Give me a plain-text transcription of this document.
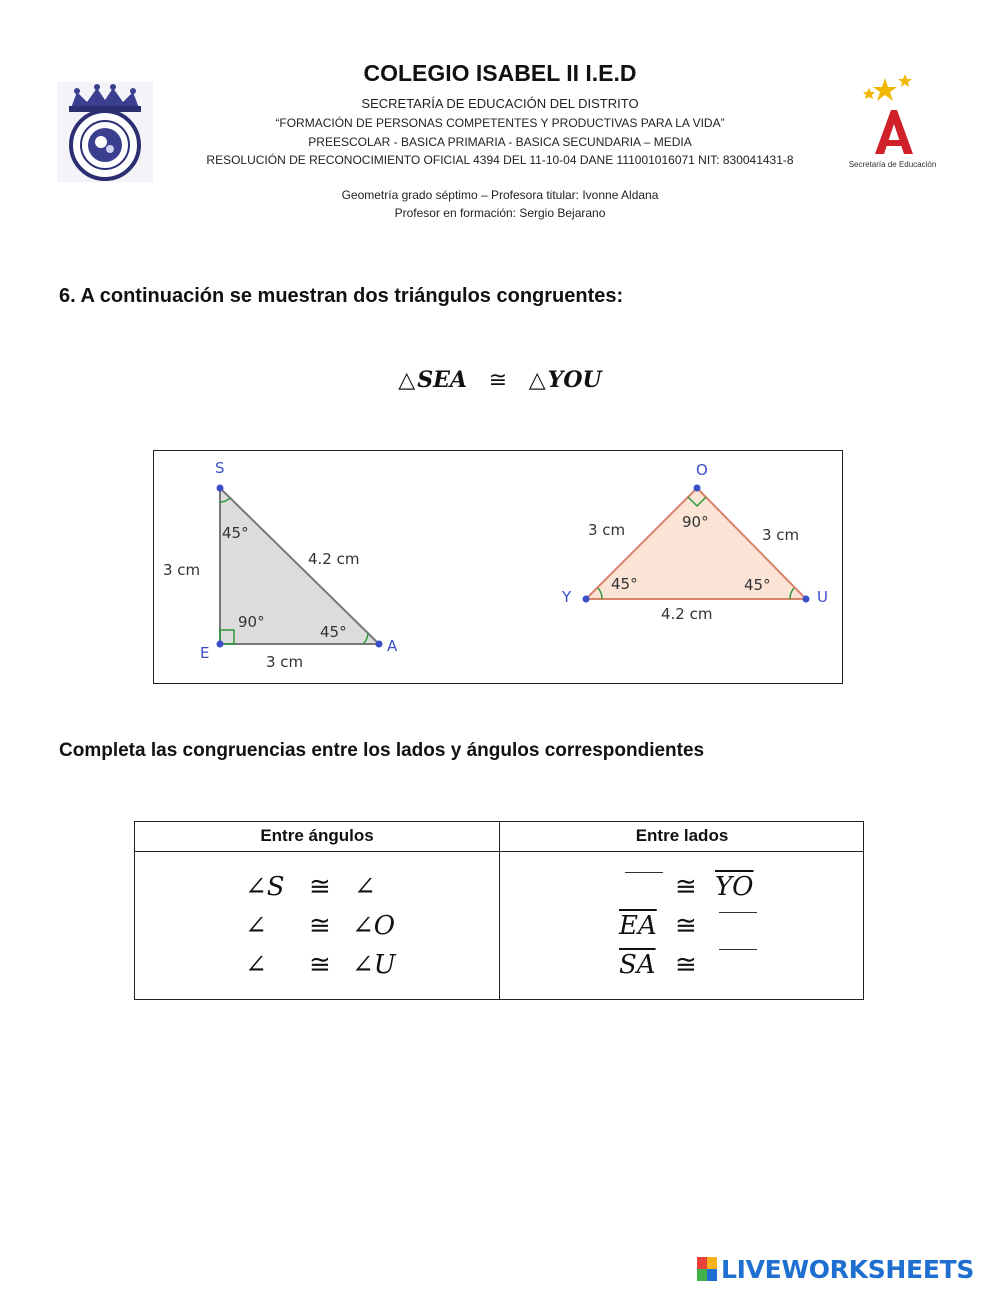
Secretaría de Educación
COLEGIO ISABEL II I.E.D
SECRETARÍA DE EDUCACIÓN DEL DISTRITO
“FORMACIÓN DE PERSONAS COMPETENTES Y PRODUCTIVAS PARA LA VIDA”
PREESCOLAR - BASICA PRIMARIA - BASICA SECUNDARIA – MEDIA
RESOLUCIÓN DE RECONOCIMIENTO OFICIAL 4394 DEL 11-10-04 DANE 111001016071 NIT: 830041431-8
Geometría grado séptimo – Profesora titular: Ivonne Aldana
Profesor en formación: Sergio Bejarano
6. A continuación se muestran dos triángulos congruentes:
△SEA ≅ △YOU
S
E	A
45°
90°
45°
3 cm
4.2 cm
3 cm
O
Y	U
90°
45°	45°
3 cm	3 cm
4.2 cm
Completa las congruencias entre los lados y ángulos correspondientes
Entre ángulos	Entre lados
∠S ≅ ∠
∠ ≅ ∠O
∠ ≅ ∠U
≅ $\overline{YO}$
$\overline{EA}$ ≅
$\overline{SA}$ ≅
LIVEWORKSHEETS
